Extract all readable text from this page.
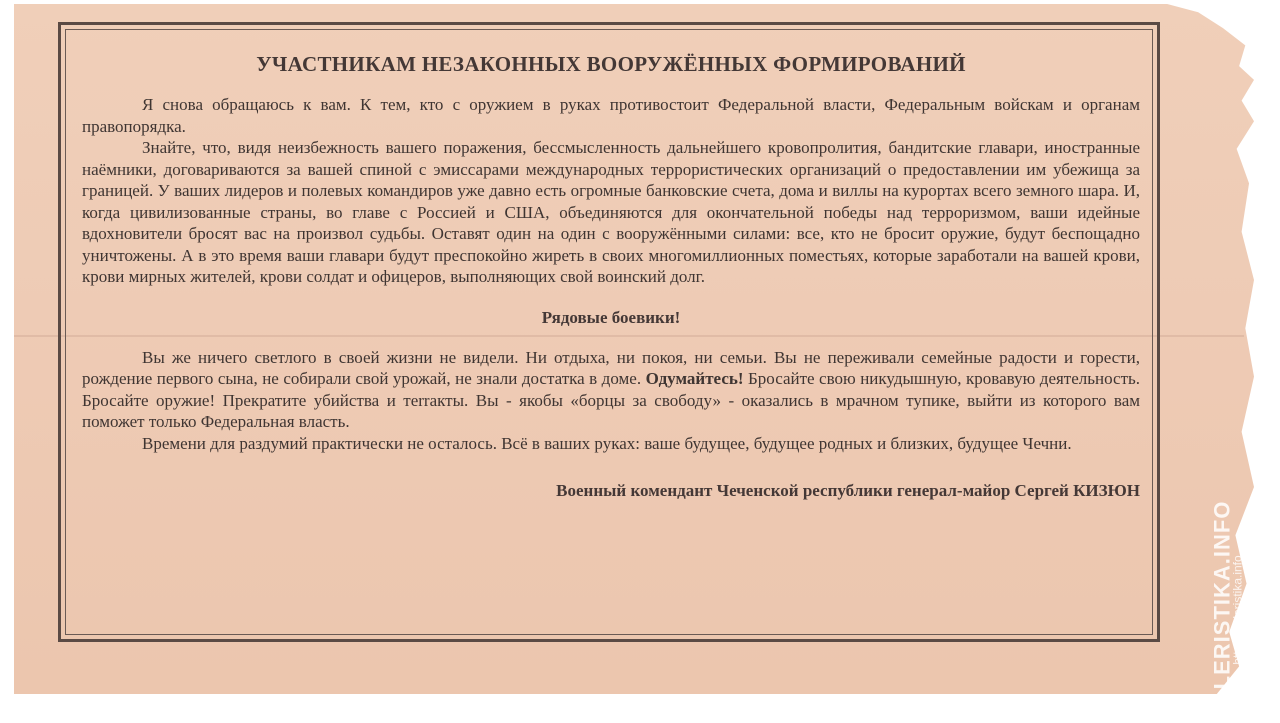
УЧАСТНИКАМ НЕЗАКОННЫХ ВООРУЖЁННЫХ ФОРМИРОВАНИЙ

Я снова обращаюсь к вам. К тем, кто с оружием в руках противостоит Федеральной власти, Федеральным войскам и органам правопорядка.

Знайте, что, видя неизбежность вашего поражения, бессмысленность дальнейшего кровопролития, бандитские главари, иностранные наёмники, договариваются за вашей спиной с эмиссарами международных террористических организаций о предоставлении им убежища за границей. У ваших лидеров и полевых командиров уже давно есть огромные банковские счета, дома и виллы на курортах всего земного шара. И, когда цивилизованные страны, во главе с Россией и США, объединяются для окончательной победы над терроризмом, ваши идейные вдохновители бросят вас на произвол судьбы. Оставят один на один с вооружёнными силами: все, кто не бросит оружие, будут беспощадно уничтожены. А в это время ваши главари будут преспокойно жиреть в своих многомиллионных поместьях, которые заработали на вашей крови, крови мирных жителей, крови солдат и офицеров, выполняющих свой воинский долг.

Рядовые боевики!

Вы же ничего светлого в своей жизни не видели. Ни отдыха, ни покоя, ни семьи. Вы не переживали семейные радости и горести, рождение первого сына, не собирали свой урожай, не знали достатка в доме. Одумайтесь! Бросайте свою никудышную, кровавую деятельность. Бросайте оружие! Прекратите убийства и тerrакты. Вы - якобы «борцы за свободу» - оказались в мрачном тупике, выйти из которого вам поможет только Федеральная власть.

Времени для раздумий практически не осталось. Всё в ваших руках: ваше будущее, будущее родных и близких, будущее Чечни.

Военный комендант Чеченской республики генерал-майор Сергей КИЗЮН
FALERISTIKA.INFO
https://faleristika.info
